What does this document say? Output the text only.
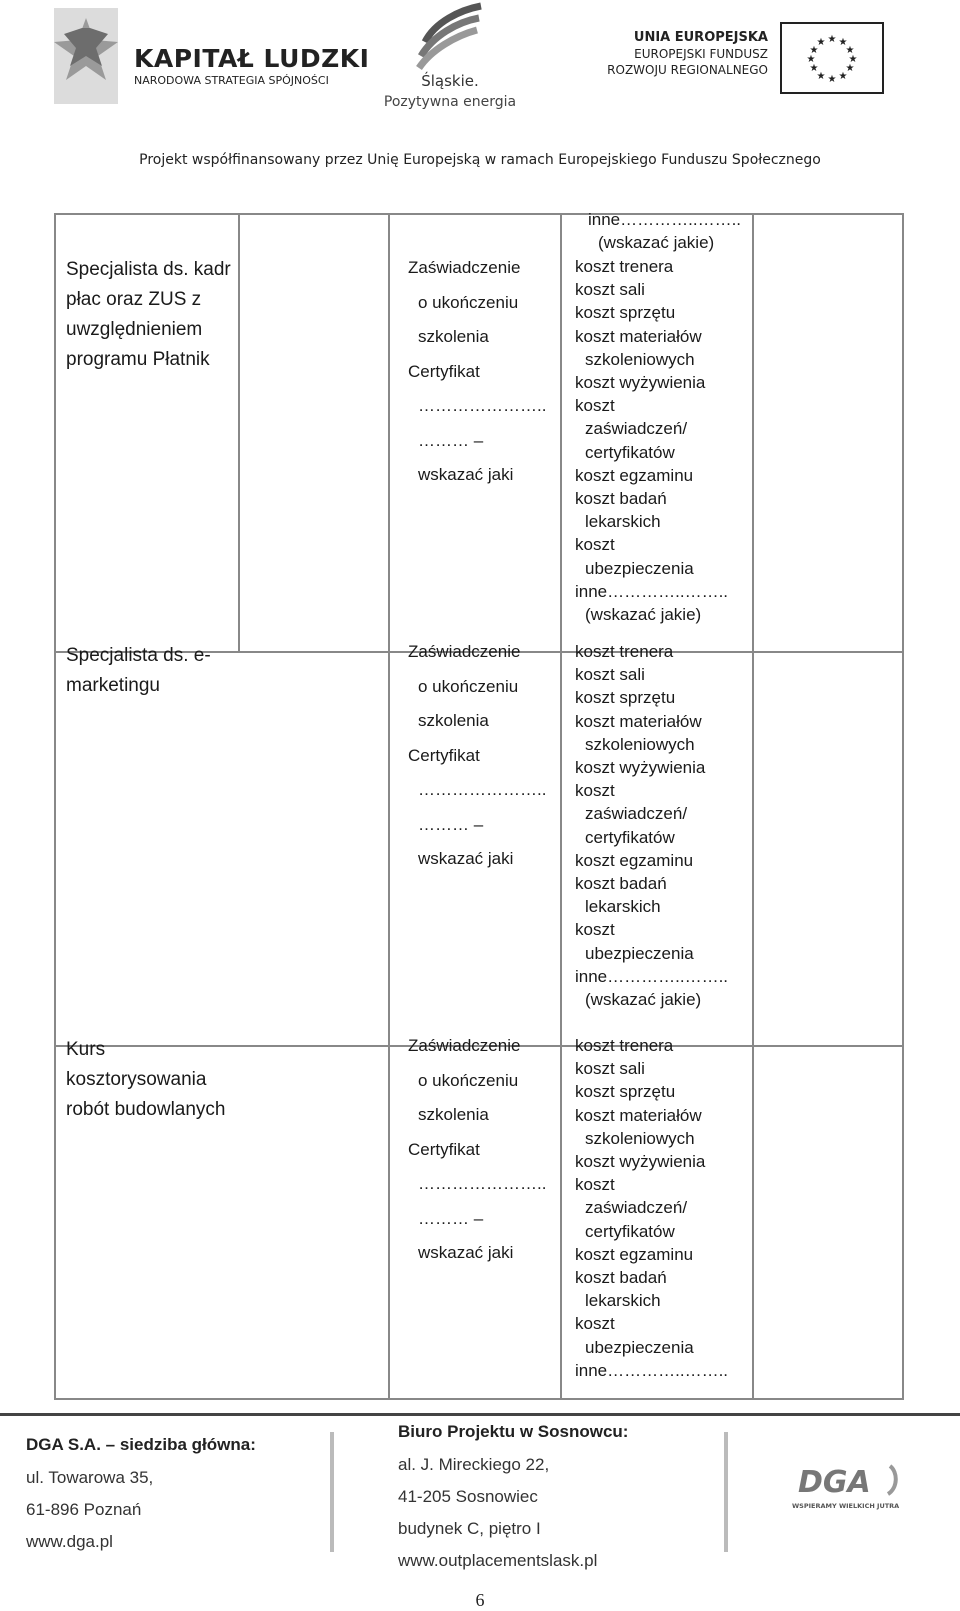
KAPITAŁ LUDZKI
NARODOWA STRATEGIA SPÓJNOŚCI	Śląskie.
Pozytywna energia
UNIA EUROPEJSKA
EUROPEJSKI FUNDUSZ
ROZWOJU REGIONALNEGO
★ ★
★
★
★
★
★
★
★
★
★
★
Projekt współfinansowany przez Unię Europejską w ramach Europejskiego Funduszu Społecznego
inne…………..……..
(wskazać jakie)
Specjalista ds. kadr płac oraz ZUS z uwzględnieniem programu Płatnik
Zaświadczenie
o ukończeniu
szkolenia
Certyfikat
…………………..
……… –
wskazać jaki
koszt trenera
koszt sali
koszt sprzętu
koszt materiałów
szkoleniowych
koszt wyżywienia
koszt
zaświadczeń/
certyfikatów
koszt egzaminu
koszt badań
lekarskich
koszt
ubezpieczenia
inne…………..……..
(wskazać jakie)
Specjalista ds. e-marketingu
Zaświadczenie
o ukończeniu
szkolenia
Certyfikat
…………………..
……… –
wskazać jaki
koszt trenera
koszt sali
koszt sprzętu
koszt materiałów
szkoleniowych
koszt wyżywienia
koszt
zaświadczeń/
certyfikatów
koszt egzaminu
koszt badań
lekarskich
koszt
ubezpieczenia
inne…………..……..
(wskazać jakie)
Kurs kosztorysowania robót budowlanych
Zaświadczenie
o ukończeniu
szkolenia
Certyfikat
…………………..
……… –
wskazać jaki
koszt trenera
koszt sali
koszt sprzętu
koszt materiałów
szkoleniowych
koszt wyżywienia
koszt
zaświadczeń/
certyfikatów
koszt egzaminu
koszt badań
lekarskich
koszt
ubezpieczenia
inne…………..……..
DGA S.A. – siedziba główna:
ul. Towarowa 35,
61-896 Poznań
www.dga.pl
Biuro Projektu w Sosnowcu:
al. J. Mireckiego 22,
41-205 Sosnowiec
budynek C, piętro I
www.outplacementslask.pl
DGA
WSPIERAMY WIELKICH JUTRA
6
